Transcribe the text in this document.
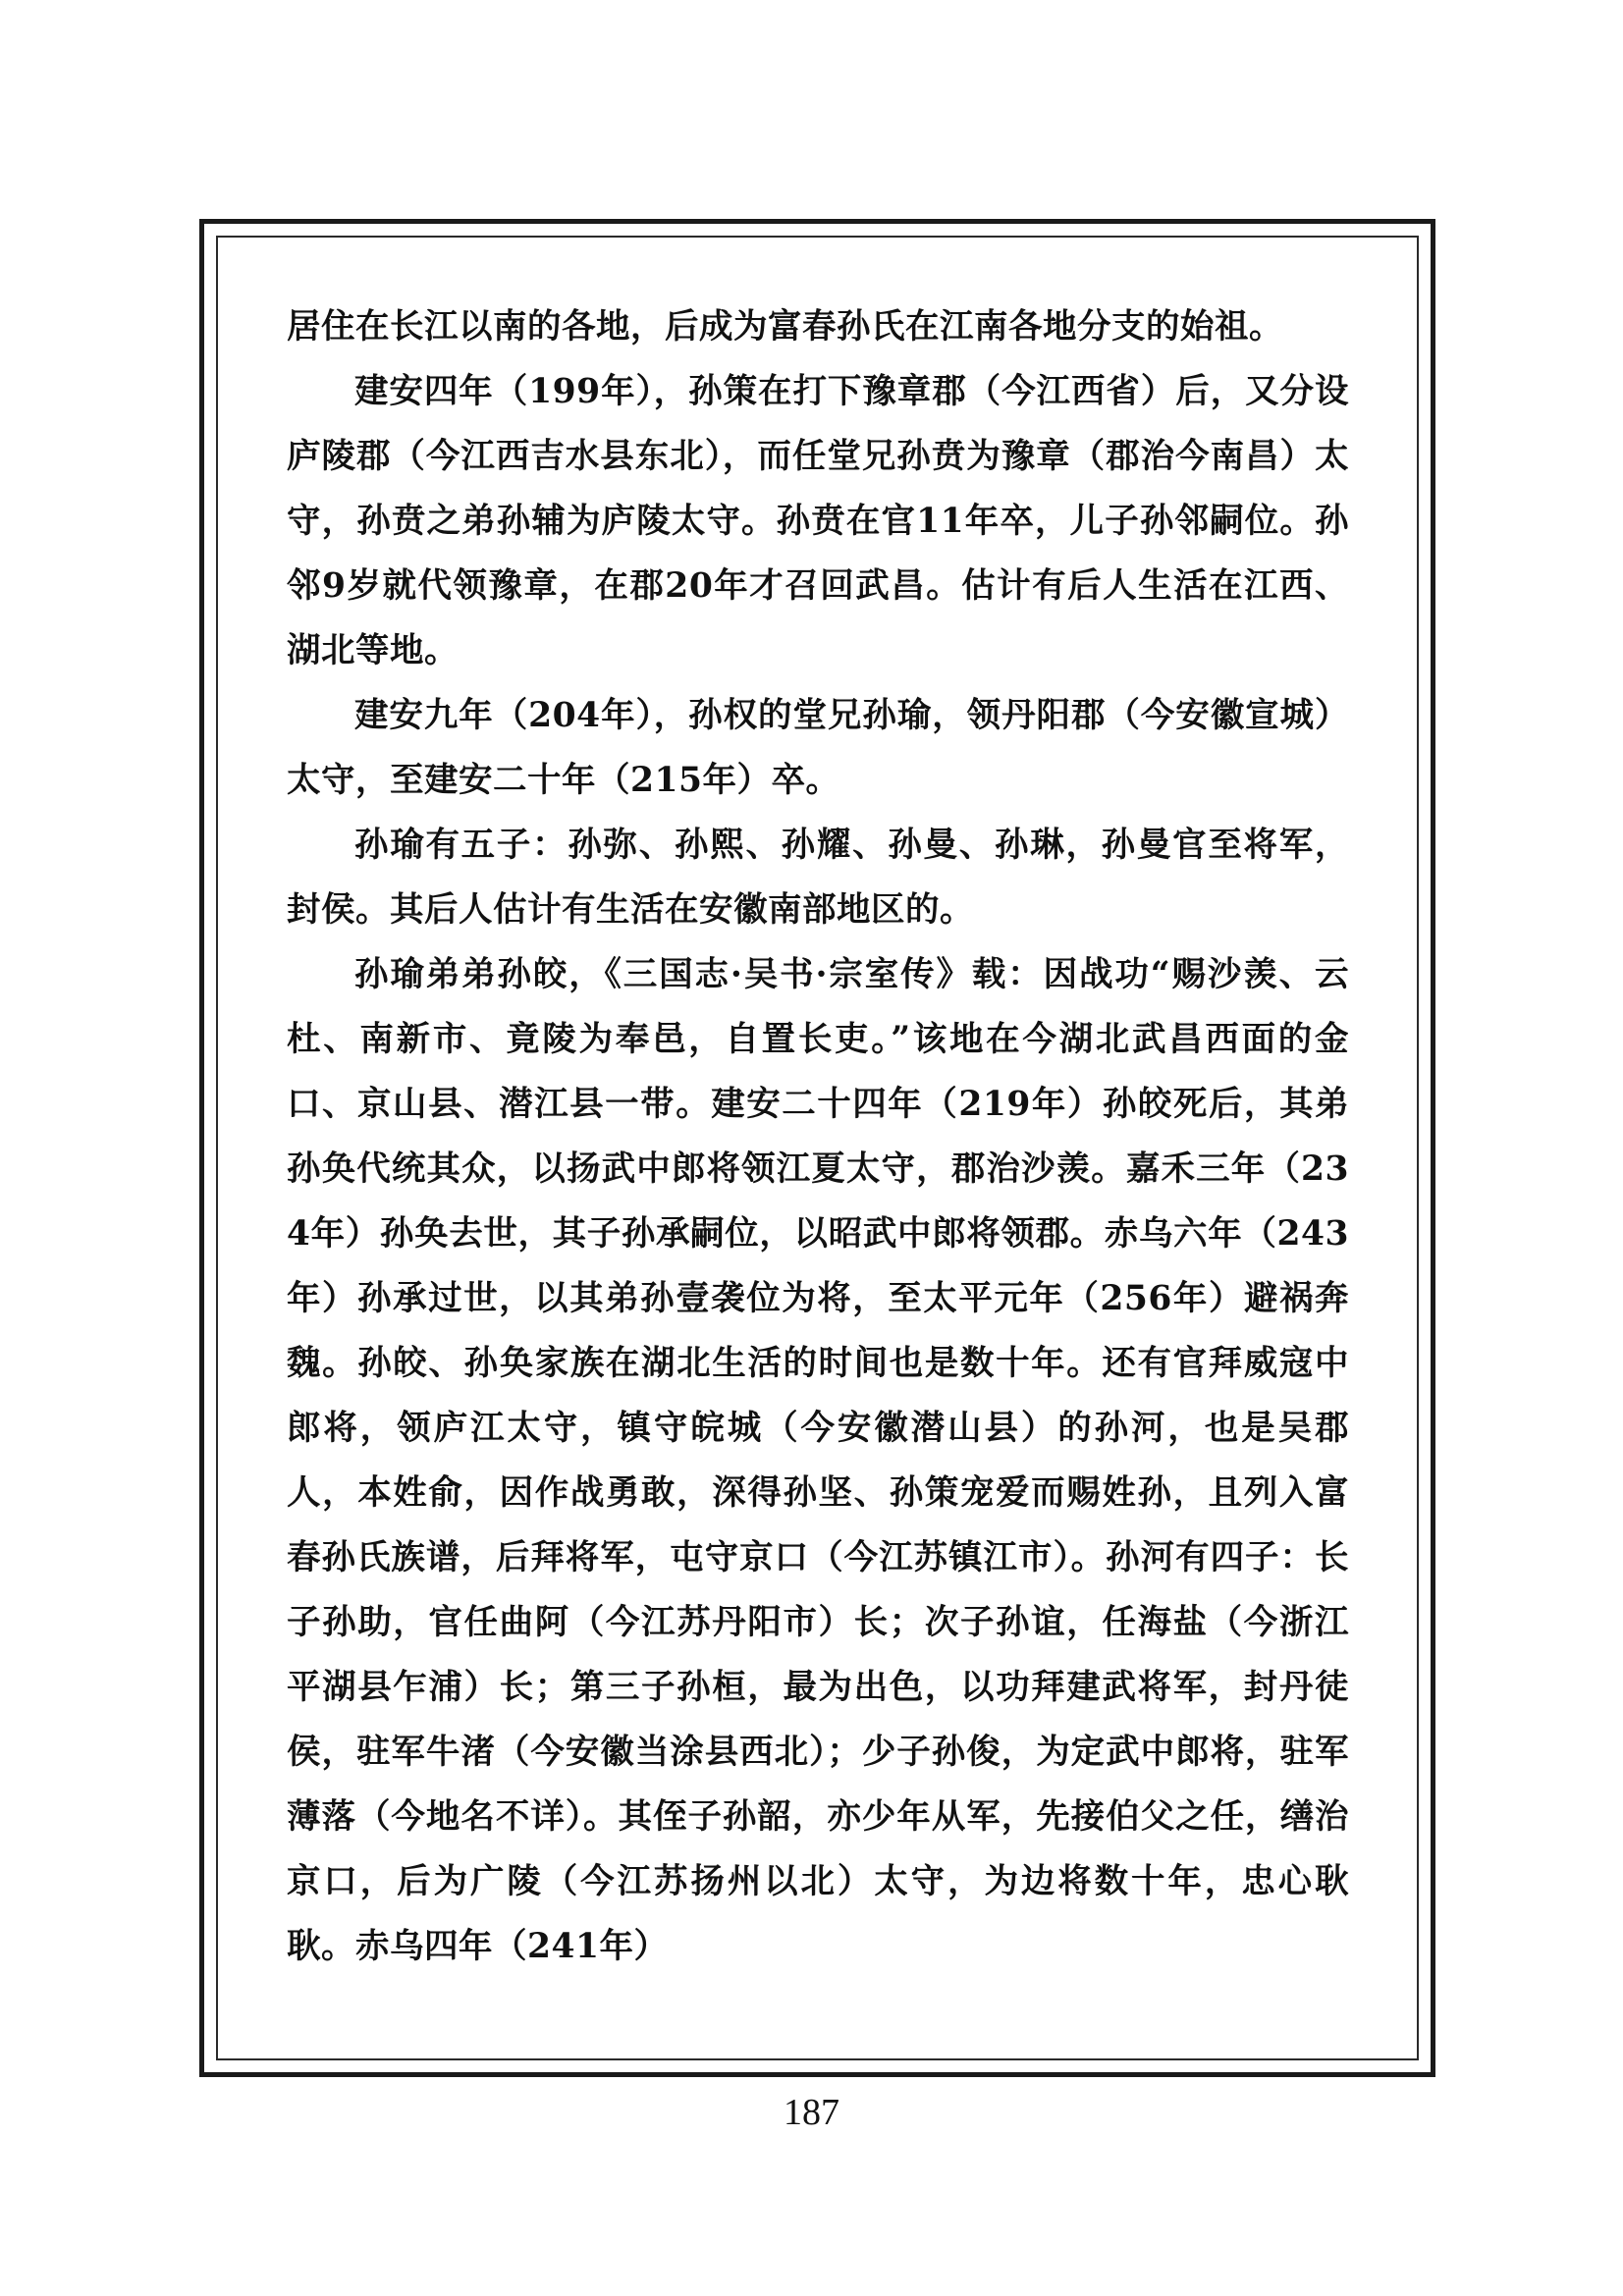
居住在长江以南的各地，后成为富春孙氏在江南各地分支的始祖。

建安四年（199年），孙策在打下豫章郡（今江西省）后，又分设庐陵郡（今江西吉水县东北），而任堂兄孙贲为豫章（郡治今南昌）太守，孙贲之弟孙辅为庐陵太守。孙贲在官11年卒，儿子孙邻嗣位。孙邻9岁就代领豫章，在郡20年才召回武昌。估计有后人生活在江西、湖北等地。

建安九年（204年），孙权的堂兄孙瑜，领丹阳郡（今安徽宣城）太守，至建安二十年（215年）卒。

孙瑜有五子：孙弥、孙熙、孙耀、孙曼、孙琳，孙曼官至将军，封侯。其后人估计有生活在安徽南部地区的。

孙瑜弟弟孙皎，《三国志·吴书·宗室传》载：因战功“赐沙羡、云杜、南新市、竟陵为奉邑，自置长吏。”该地在今湖北武昌西面的金口、京山县、潜江县一带。建安二十四年（219年）孙皎死后，其弟孙奂代统其众，以扬武中郎将领江夏太守，郡治沙羡。嘉禾三年（234年）孙奂去世，其子孙承嗣位，以昭武中郎将领郡。赤乌六年（243年）孙承过世，以其弟孙壹袭位为将，至太平元年（256年）避祸奔魏。孙皎、孙奂家族在湖北生活的时间也是数十年。还有官拜威寇中郎将，领庐江太守，镇守皖城（今安徽潜山县）的孙河，也是吴郡人，本姓俞，因作战勇敢，深得孙坚、孙策宠爱而赐姓孙，且列入富春孙氏族谱，后拜将军，屯守京口（今江苏镇江市）。孙河有四子：长子孙助，官任曲阿（今江苏丹阳市）长；次子孙谊，任海盐（今浙江平湖县乍浦）长；第三子孙桓，最为出色，以功拜建武将军，封丹徒侯，驻军牛渚（今安徽当涂县西北）；少子孙俊，为定武中郎将，驻军薄落（今地名不详）。其侄子孙韶，亦少年从军，先接伯父之任，缮治京口，后为广陵（今江苏扬州以北）太守，为边将数十年，忠心耿耿。赤乌四年（241年）

187
